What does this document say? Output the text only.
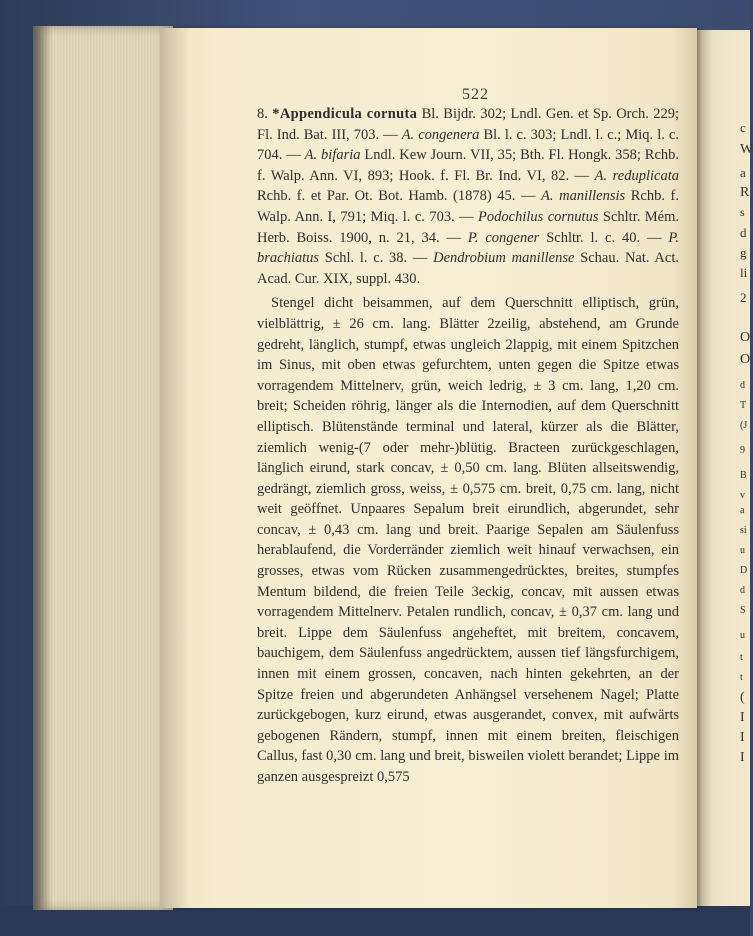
522

8. *Appendicula cornuta Bl. Bijdr. 302; Lndl. Gen. et Sp. Orch. 229; Fl. Ind. Bat. III, 703. — A. congenera Bl. l. c. 303; Lndl. l. c.; Miq. l. c. 704. — A. bifaria Lndl. Kew Journ. VII, 35; Bth. Fl. Hongk. 358; Rchb. f. Walp. Ann. VI, 893; Hook. f. Fl. Br. Ind. VI, 82. — A. reduplicata Rchb. f. et Par. Ot. Bot. Hamb. (1878) 45. — A. manillensis Rchb. f. Walp. Ann. I, 791; Miq. l. c. 703. — Podochilus cornutus Schltr. Mém. Herb. Boiss. 1900, n. 21, 34. — P. congener Schltr. l. c. 40. — P. brachiatus Schl. l. c. 38. — Dendrobium manillense Schau. Nat. Act. Acad. Cur. XIX, suppl. 430.

Stengel dicht beisammen, auf dem Querschnitt elliptisch, grün, vielblättrig, ± 26 cm. lang. Blätter 2zeilig, abstehend, am Grunde gedreht, länglich, stumpf, etwas ungleich 2lappig, mit einem Spitzchen im Sinus, mit oben etwas gefurchtem, unten gegen die Spitze etwas vorragendem Mittelnerv, grün, weich ledrig, ± 3 cm. lang, 1,20 cm. breit; Scheiden röhrig, länger als die Internodien, auf dem Querschnitt elliptisch. Blütenstände terminal und lateral, kürzer als die Blätter, ziemlich wenig-(7 oder mehr-)blütig. Bracteen zurückgeschlagen, länglich eirund, stark concav, ± 0,50 cm. lang. Blüten allseitswendig, gedrängt, ziemlich gross, weiss, ± 0,575 cm. breit, 0,75 cm. lang, nicht weit geöffnet. Unpaares Sepalum breit eirundlich, abgerundet, sehr concav, ± 0,43 cm. lang und breit. Paarige Sepalen am Säulenfuss herablaufend, die Vorderränder ziemlich weit hinauf verwachsen, ein grosses, etwas vom Rücken zusammengedrücktes, breites, stumpfes Mentum bildend, die freien Teile 3eckig, concav, mit aussen etwas vorragendem Mittelnerv. Petalen rundlich, concav, ± 0,37 cm. lang und breit. Lippe dem Säulenfuss angeheftet, mit breitem, concavem, bauchigem, dem Säulenfuss angedrücktem, aussen tief längsfurchigem, innen mit einem grossen, concaven, nach hinten gekehrten, an der Spitze freien und abgerundeten Anhängsel versehenem Nagel; Platte zurückgebogen, kurz eirund, etwas ausgerandet, convex, mit aufwärts gebogenen Rändern, stumpf, innen mit einem breiten, fleischigen Callus, fast 0,30 cm. lang und breit, bisweilen violett berandet; Lippe im ganzen ausgespreizt 0,575

c
W
a
R
s
d
g
li
2
O
O
d
T
(J
9
B
v
a
si
u
D
d
S
u
t
t
(
I
I
I
